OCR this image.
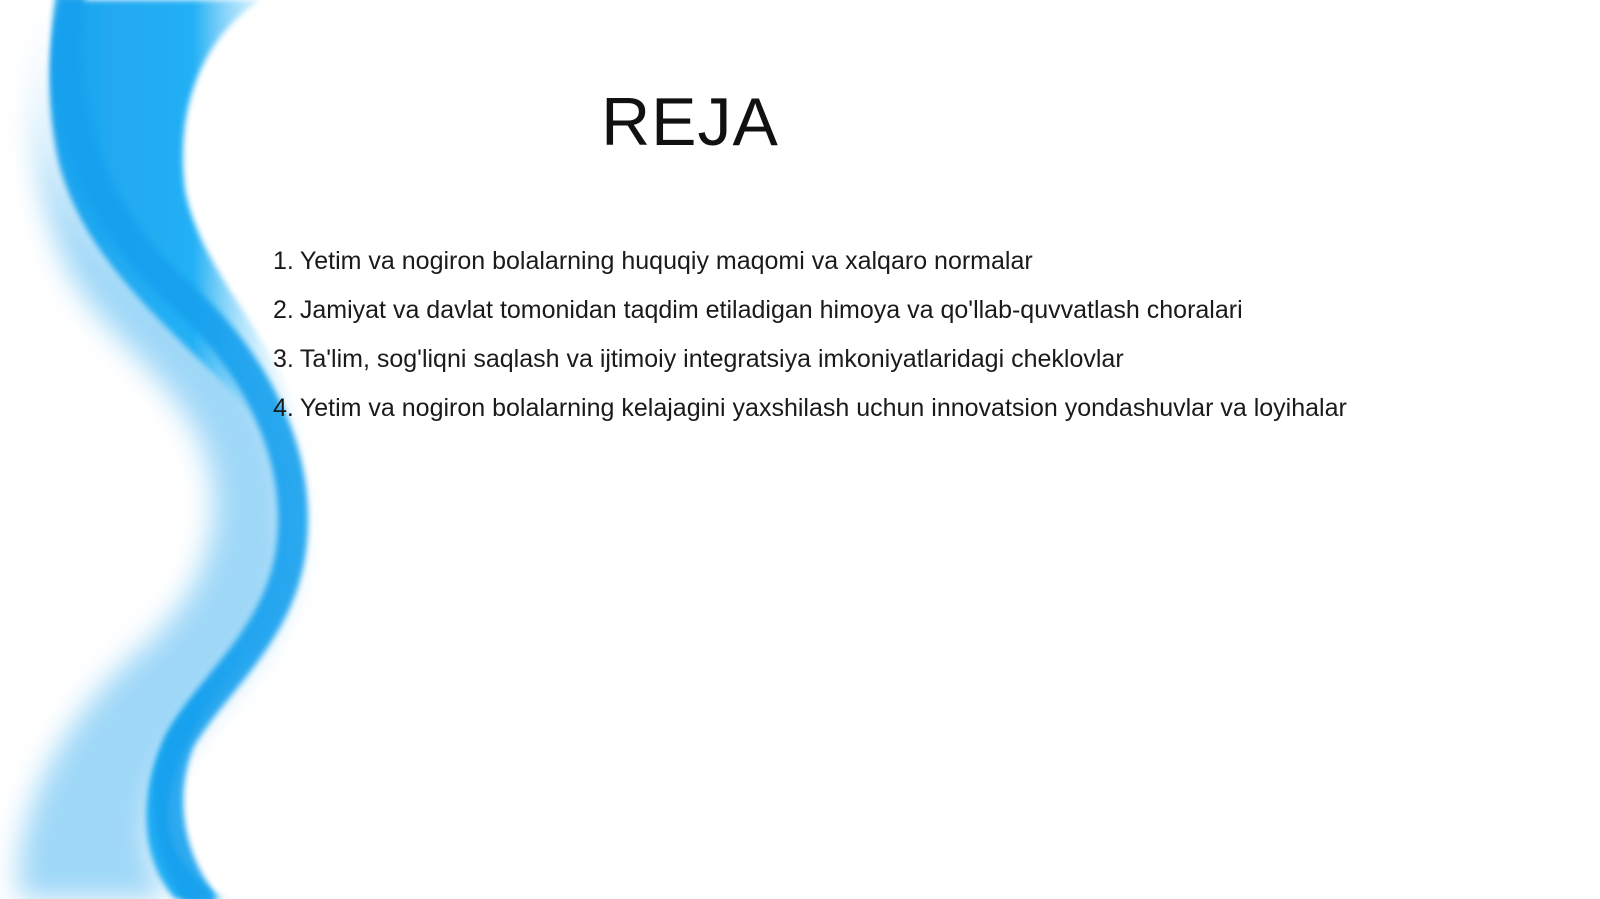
REJA
1. Yetim va nogiron bolalarning huquqiy maqomi va xalqaro normalar
2. Jamiyat va davlat tomonidan taqdim etiladigan himoya va qo'llab-quvvatlash choralari
3. Ta'lim, sog'liqni saqlash va ijtimoiy integratsiya imkoniyatlaridagi cheklovlar
4. Yetim va nogiron bolalarning kelajagini yaxshilash uchun innovatsion yondashuvlar va loyihalar
